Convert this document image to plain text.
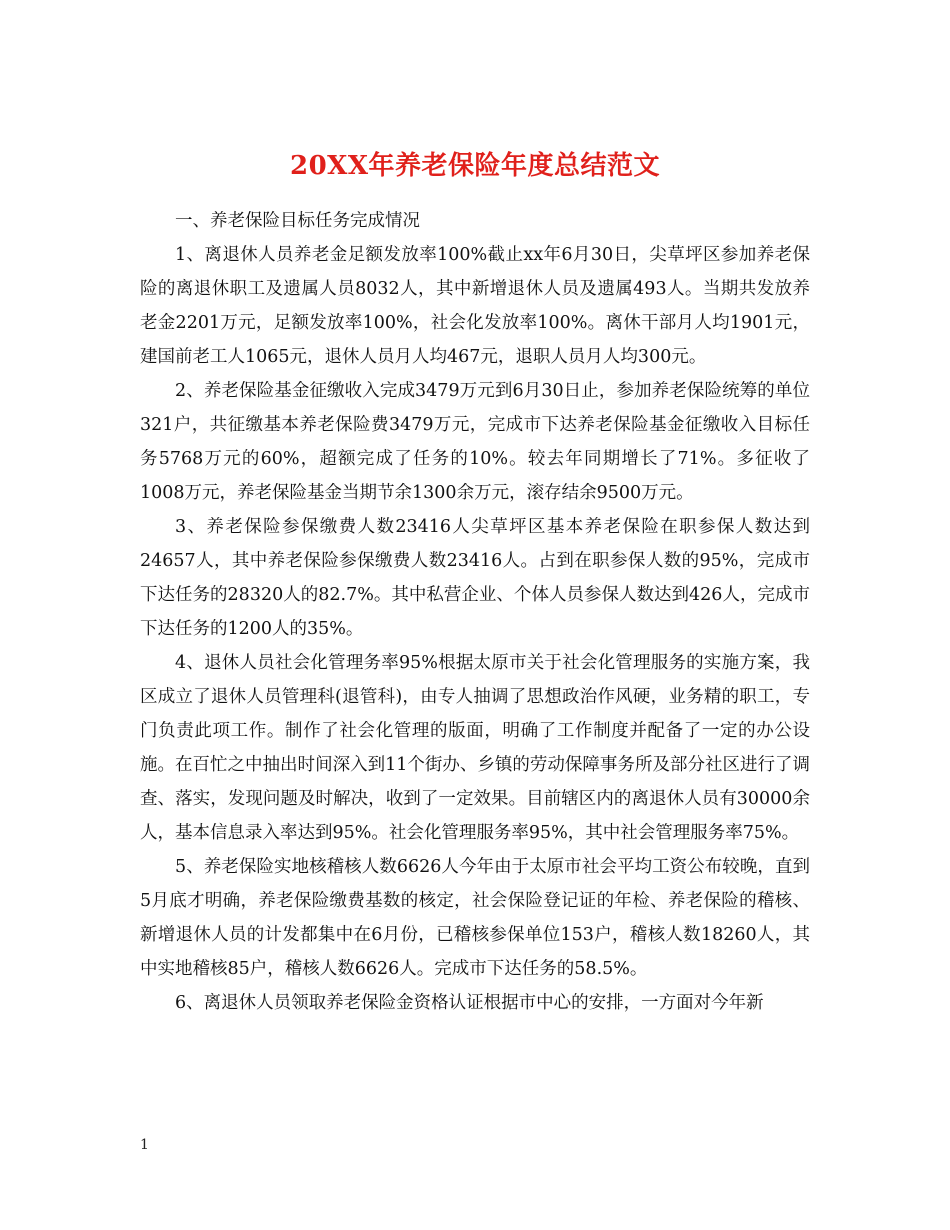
20XX年养老保险年度总结范文

一、养老保险目标任务完成情况

1、离退休人员养老金足额发放率100%截止xx年6月30日，尖草坪区参加养老保险的离退休职工及遗属人员8032人，其中新增退休人员及遗属493人。当期共发放养老金2201万元，足额发放率100%，社会化发放率100%。离休干部月人均1901元，建国前老工人1065元，退休人员月人均467元，退职人员月人均300元。

2、养老保险基金征缴收入完成3479万元到6月30日止，参加养老保险统筹的单位321户，共征缴基本养老保险费3479万元，完成市下达养老保险基金征缴收入目标任务5768万元的60%，超额完成了任务的10%。较去年同期增长了71%。多征收了1008万元，养老保险基金当期节余1300余万元，滚存结余9500万元。

3、养老保险参保缴费人数23416人尖草坪区基本养老保险在职参保人数达到24657人，其中养老保险参保缴费人数23416人。占到在职参保人数的95%，完成市下达任务的28320人的82.7%。其中私营企业、个体人员参保人数达到426人，完成市下达任务的1200人的35%。

4、退休人员社会化管理务率95%根据太原市关于社会化管理服务的实施方案，我区成立了退休人员管理科(退管科)，由专人抽调了思想政治作风硬，业务精的职工，专门负责此项工作。制作了社会化管理的版面，明确了工作制度并配备了一定的办公设施。在百忙之中抽出时间深入到11个街办、乡镇的劳动保障事务所及部分社区进行了调查、落实，发现问题及时解决，收到了一定效果。目前辖区内的离退休人员有30000余人，基本信息录入率达到95%。社会化管理服务率95%，其中社会管理服务率75%。

5、养老保险实地核稽核人数6626人今年由于太原市社会平均工资公布较晚，直到5月底才明确，养老保险缴费基数的核定，社会保险登记证的年检、养老保险的稽核、新增退休人员的计发都集中在6月份，已稽核参保单位153户，稽核人数18260人，其中实地稽核85户，稽核人数6626人。完成市下达任务的58.5%。

6、离退休人员领取养老保险金资格认证根据市中心的安排，一方面对今年新

1
